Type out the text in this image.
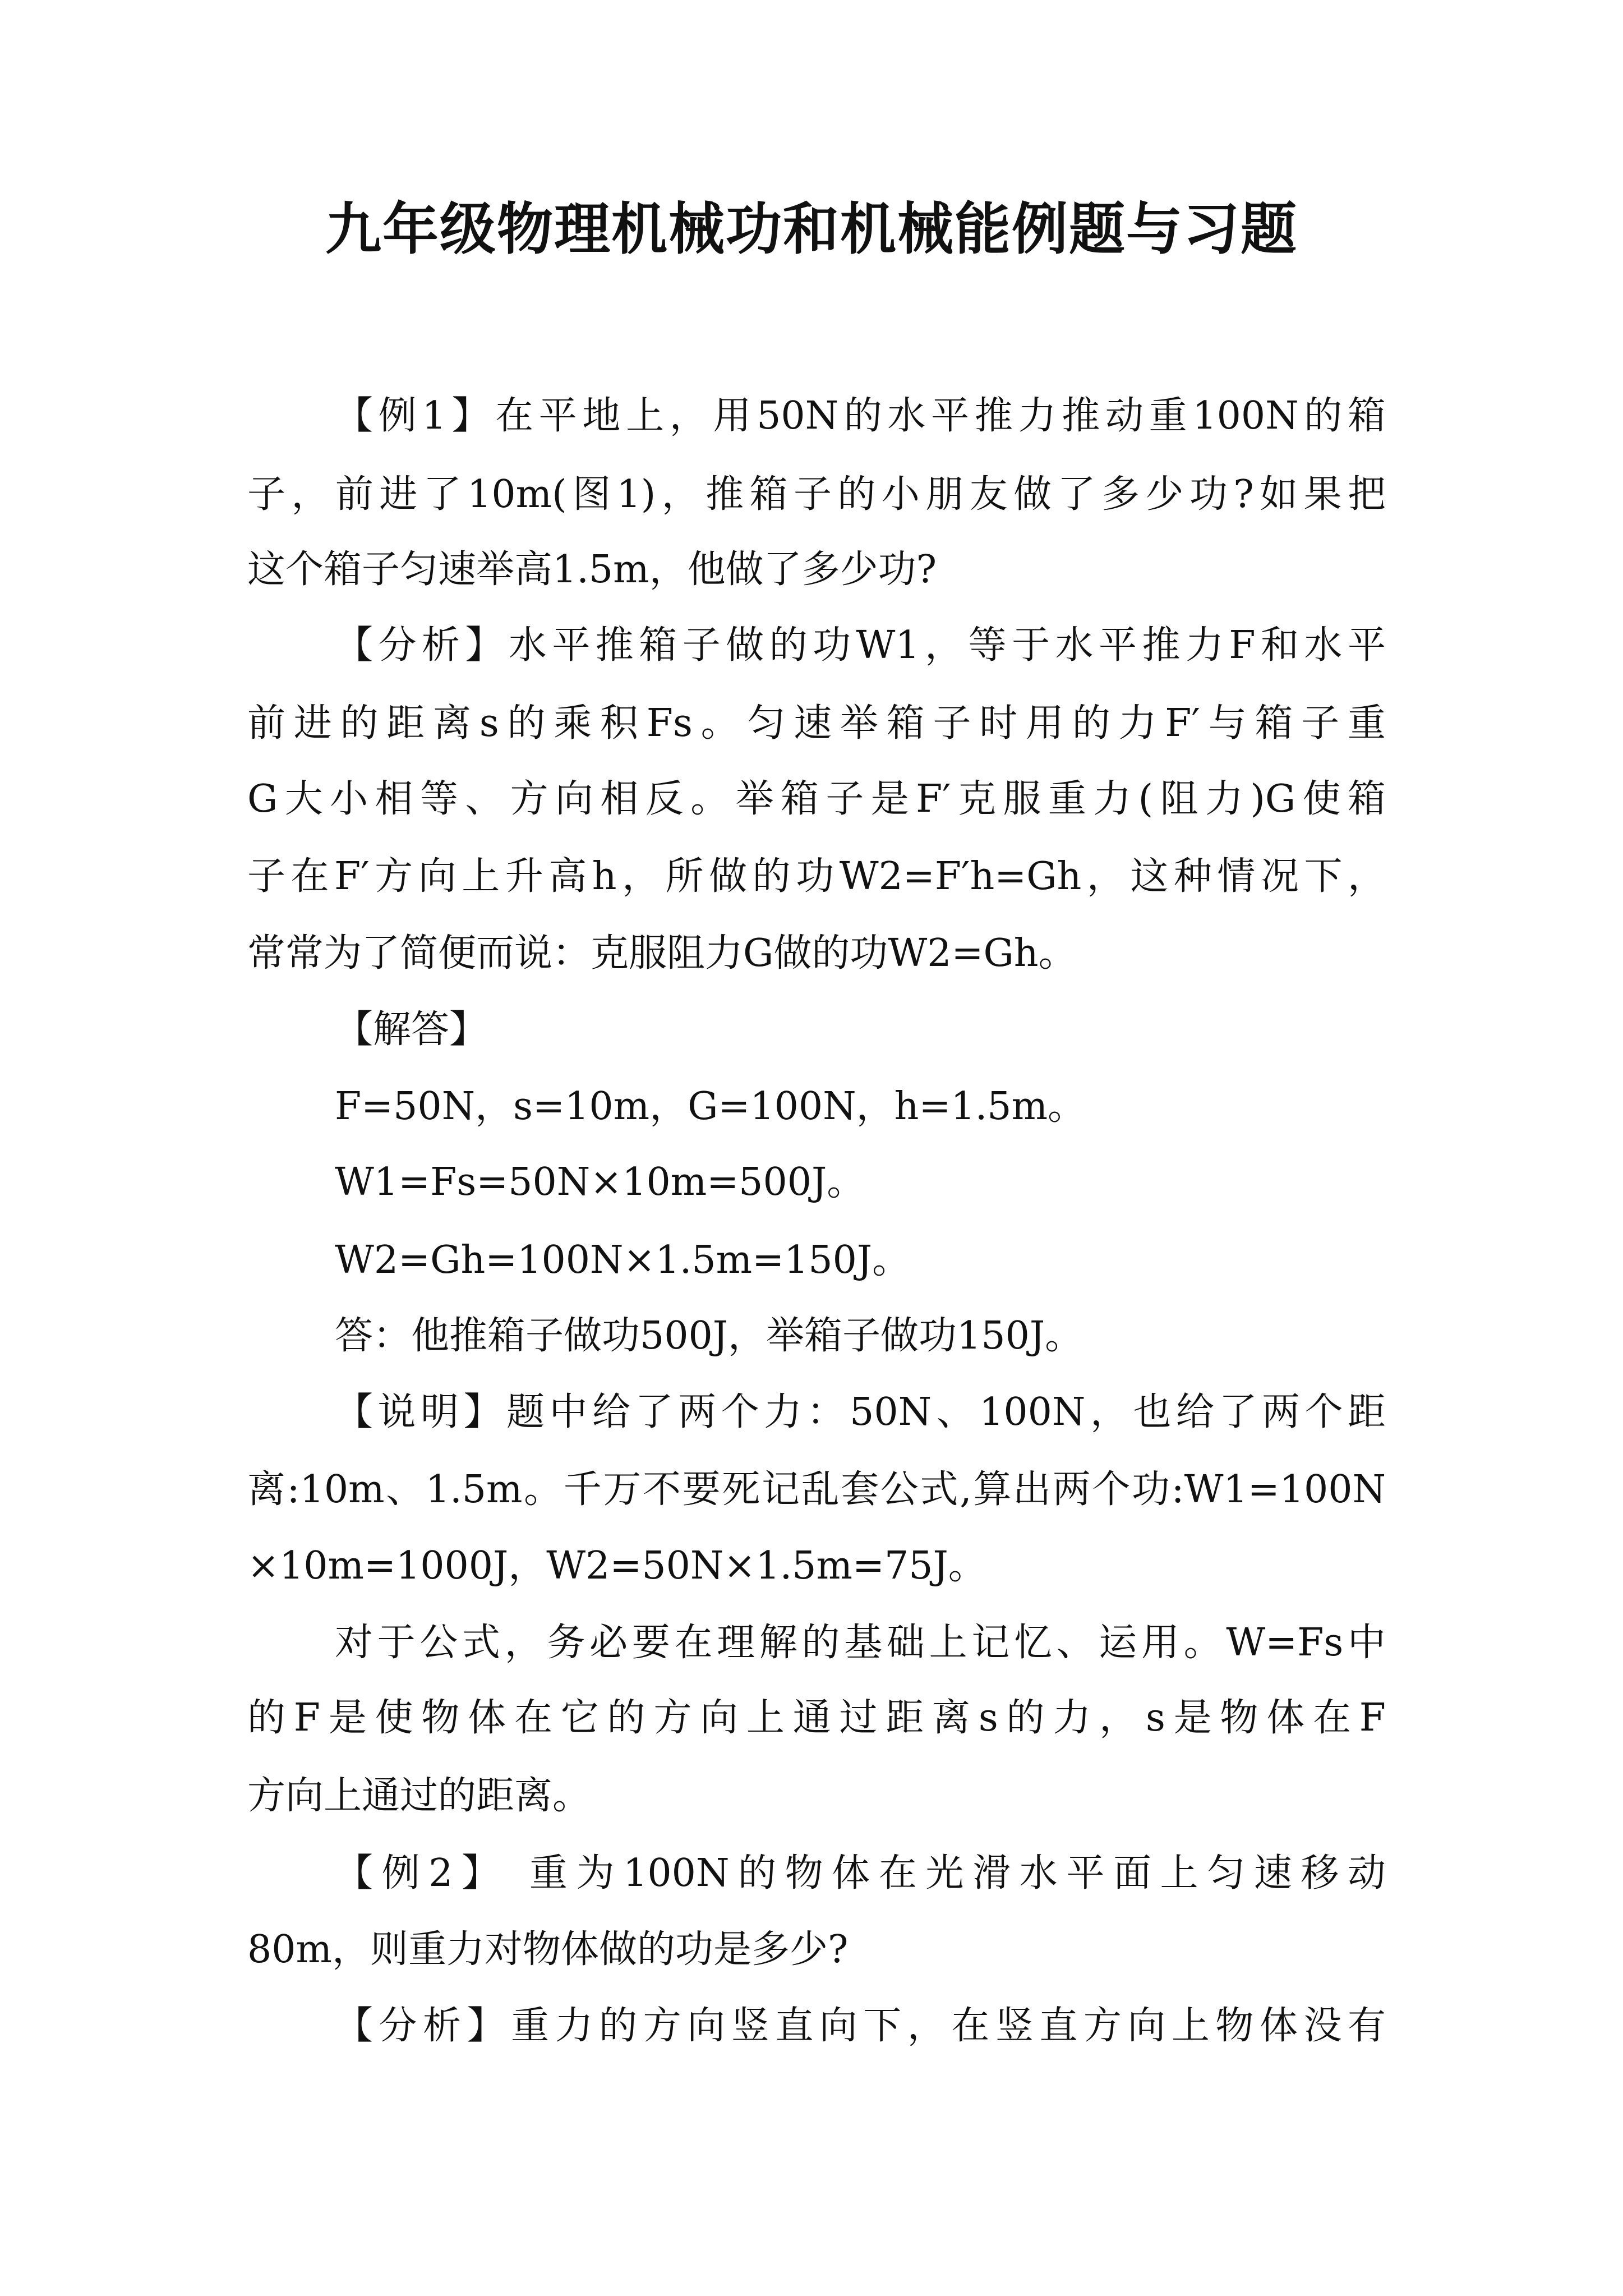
九年级物理机械功和机械能例题与习题

【例1】在平地上，用50N的水平推力推动重100N的箱

子，前进了10m(图1)，推箱子的小朋友做了多少功?如果把

这个箱子匀速举高1.5m，他做了多少功?

【分析】水平推箱子做的功W1，等于水平推力F和水平

前进的距离s的乘积Fs。匀速举箱子时用的力F′与箱子重

G大小相等、方向相反。举箱子是F′克服重力(阻力)G使箱

子在F′方向上升高h，所做的功W2=F′h=Gh，这种情况下，

常常为了简便而说：克服阻力G做的功W2=Gh。

【解答】

F=50N，s=10m，G=100N，h=1.5m。

W1=Fs=50N×10m=500J。

W2=Gh=100N×1.5m=150J。

答：他推箱子做功500J，举箱子做功150J。

【说明】题中给了两个力：50N、100N，也给了两个距

离:10m、1.5m。千万不要死记乱套公式,算出两个功:W1=100N

×10m=1000J，W2=50N×1.5m=75J。

对于公式，务必要在理解的基础上记忆、运用。W=Fs中

的F是使物体在它的方向上通过距离s的力，s是物体在F

方向上通过的距离。

【例2】 重为100N的物体在光滑水平面上匀速移动

80m，则重力对物体做的功是多少?

【分析】重力的方向竖直向下，在竖直方向上物体没有
